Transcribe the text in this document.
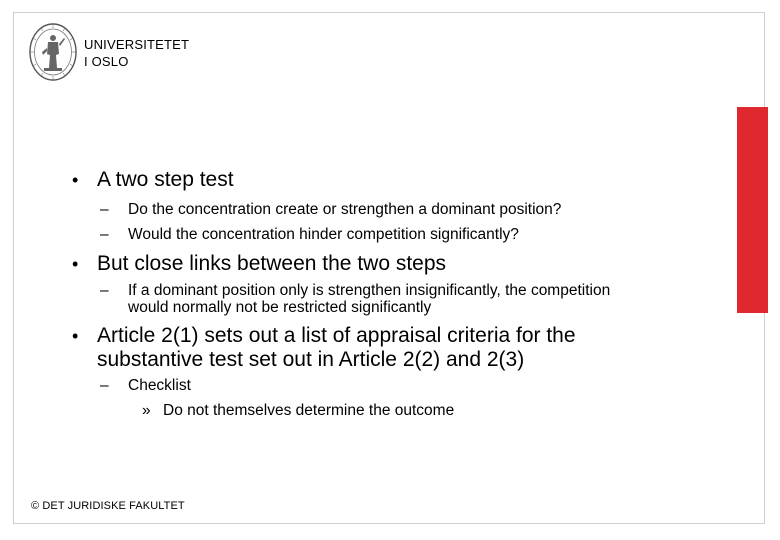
UNIVERSITETET
I OSLO
• A two step test
– Do the concentration create or strengthen a dominant position?
– Would the concentration hinder competition significantly?
• But close links between the two steps
– If a dominant position only is strengthen insignificantly, the competition would normally not be restricted significantly
• Article 2(1) sets out a list of appraisal criteria for the substantive test set out in Article 2(2) and 2(3)
– Checklist
» Do not themselves determine the outcome
© DET JURIDISKE FAKULTET
